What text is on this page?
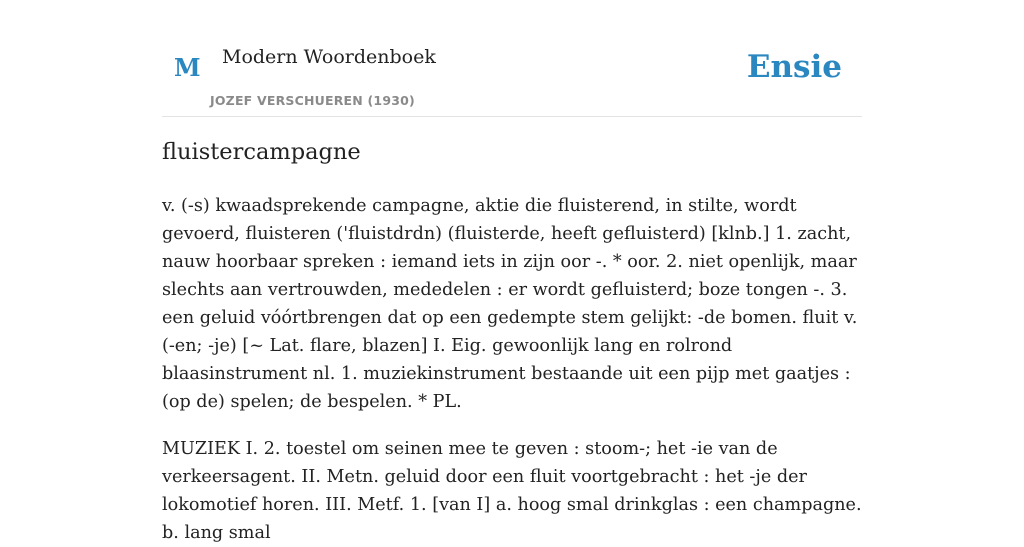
M Modern Woordenboek
JOZEF VERSCHUEREN (1930)
Ensie
fluistercampagne

v. (-s) kwaadsprekende campagne, aktie die fluisterend, in stilte, wordt gevoerd, fluisteren ('fluistdrdn) (fluisterde, heeft gefluisterd) [klnb.] 1. zacht, nauw hoorbaar spreken : iemand iets in zijn oor -. * oor. 2. niet openlijk, maar slechts aan vertrouwden, mededelen : er wordt gefluisterd; boze tongen -. 3. een geluid vóórtbrengen dat op een gedempte stem gelijkt: -de bomen. fluit v. (-en; -je) [~ Lat. flare, blazen] I. Eig. gewoonlijk lang en rolrond blaasinstrument nl. 1. muziekinstrument bestaande uit een pijp met gaatjes : (op de) spelen; de bespelen. * PL.

MUZIEK I. 2. toestel om seinen mee te geven : stoom-; het -ie van de verkeersagent. II. Metn. geluid door een fluit voortgebracht : het -je der lokomotief horen. III. Metf. 1. [van I] a. hoog smal drinkglas : een champagne. b. lang smal
